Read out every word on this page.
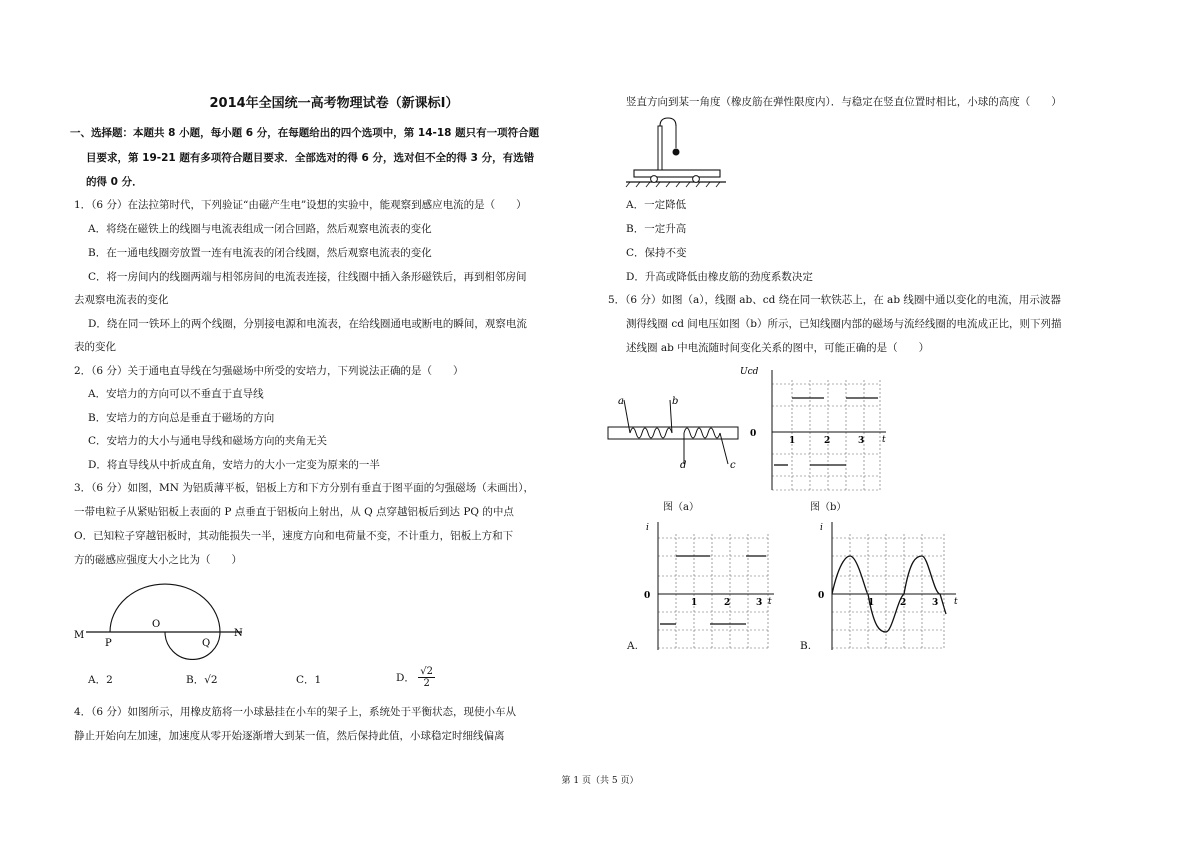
2014年全国统一高考物理试卷（新课标Ⅰ）
一、选择题：本题共 8 小题，每小题 6 分，在每题给出的四个选项中，第 14-18 题只有一项符合题
目要求，第 19-21 题有多项符合题目要求．全部选对的得 6 分，选对但不全的得 3 分，有选错
的得 0 分．
1．（6 分）在法拉第时代，下列验证“由磁产生电”设想的实验中，能观察到感应电流的是（　　）
A．将绕在磁铁上的线圈与电流表组成一闭合回路，然后观察电流表的变化
B．在一通电线圈旁放置一连有电流表的闭合线圈，然后观察电流表的变化
C．将一房间内的线圈两端与相邻房间的电流表连接，往线圈中插入条形磁铁后，再到相邻房间
去观察电流表的变化
D．绕在同一铁环上的两个线圈，分别接电源和电流表，在给线圈通电或断电的瞬间，观察电流
表的变化
2．（6 分）关于通电直导线在匀强磁场中所受的安培力，下列说法正确的是（　　）
A．安培力的方向可以不垂直于直导线
B．安培力的方向总是垂直于磁场的方向
C．安培力的大小与通电导线和磁场方向的夹角无关
D．将直导线从中折成直角，安培力的大小一定变为原来的一半
3．（6 分）如图，MN 为铝质薄平板，铝板上方和下方分别有垂直于图平面的匀强磁场（未画出），
一带电粒子从紧贴铝板上表面的 P 点垂直于铝板向上射出，从 Q 点穿越铝板后到达 PQ 的中点
O．已知粒子穿越铝板时，其动能损失一半，速度方向和电荷量不变，不计重力，铝板上方和下
方的磁感应强度大小之比为（　　）
M	N
P
O
Q
A．2	B．√2	C．1	D． $\frac{√2}{2}$
4．（6 分）如图所示，用橡皮筋将一小球悬挂在小车的架子上，系统处于平衡状态，现使小车从
静止开始向左加速，加速度从零开始逐渐增大到某一值，然后保持此值，小球稳定时细线偏离
竖直方向到某一角度（橡皮筋在弹性限度内）．与稳定在竖直位置时相比，小球的高度（　　）
A．一定降低
B．一定升高
C．保持不变
D．升高或降低由橡皮筋的劲度系数决定
5．（6 分）如图（a），线圈 ab、cd 绕在同一软铁芯上，在 ab 线圈中通以变化的电流，用示波器
测得线圈 cd 间电压如图（b）所示，已知线圈内部的磁场与流经线圈的电流成正比，则下列描
述线圈 ab 中电流随时间变化关系的图中，可能正确的是（　　）
a	b
c
d
Ucd
0
1	2	3 t
图（a）	图（b）
i
0
1	2	3 t
i
0
1	2	3 t
A.	B.
第 1 页（共 5 页）
